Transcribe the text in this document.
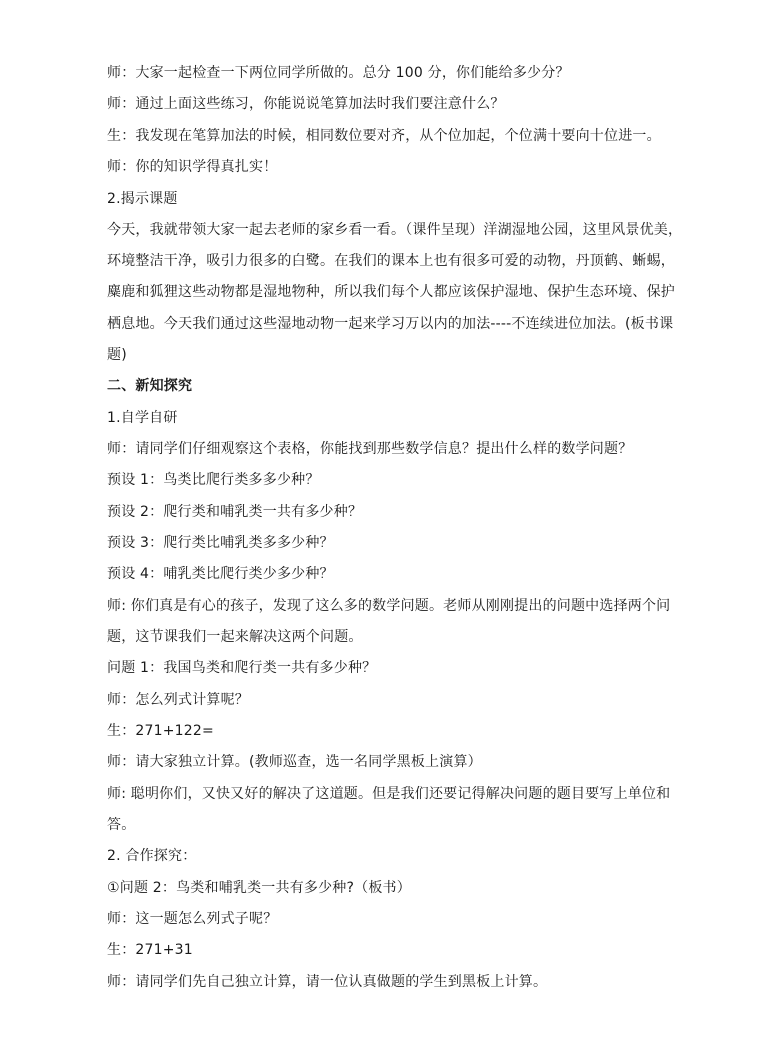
师：大家一起检查一下两位同学所做的。总分 100 分，你们能给多少分？
师：通过上面这些练习，你能说说笔算加法时我们要注意什么？
生：我发现在笔算加法的时候，相同数位要对齐，从个位加起，个位满十要向十位进一。
师：你的知识学得真扎实！
2.揭示课题
今天，我就带领大家一起去老师的家乡看一看。（课件呈现）洋湖湿地公园，这里风景优美，
环境整洁干净，吸引力很多的白鹭。在我们的课本上也有很多可爱的动物，丹顶鹤、蜥蜴，
麋鹿和狐狸这些动物都是湿地物种，所以我们每个人都应该保护湿地、保护生态环境、保护
栖息地。今天我们通过这些湿地动物一起来学习万以内的加法----不连续进位加法。(板书课
题)
二、新知探究
1.自学自研
师：请同学们仔细观察这个表格，你能找到那些数学信息？提出什么样的数学问题？
预设 1：鸟类比爬行类多多少种？
预设 2：爬行类和哺乳类一共有多少种？
预设 3：爬行类比哺乳类多多少种？
预设 4：哺乳类比爬行类少多少种？
师: 你们真是有心的孩子，发现了这么多的数学问题。老师从刚刚提出的问题中选择两个问
题，这节课我们一起来解决这两个问题。
问题 1：我国鸟类和爬行类一共有多少种？
师：怎么列式计算呢？
生：271+122=
师：请大家独立计算。(教师巡查，选一名同学黑板上演算）
师: 聪明你们，又快又好的解决了这道题。但是我们还要记得解决问题的题目要写上单位和
答。
2. 合作探究：
①问题 2：鸟类和哺乳类一共有多少种?（板书）
师：这一题怎么列式子呢？
生：271+31
师：请同学们先自己独立计算，请一位认真做题的学生到黑板上计算。
